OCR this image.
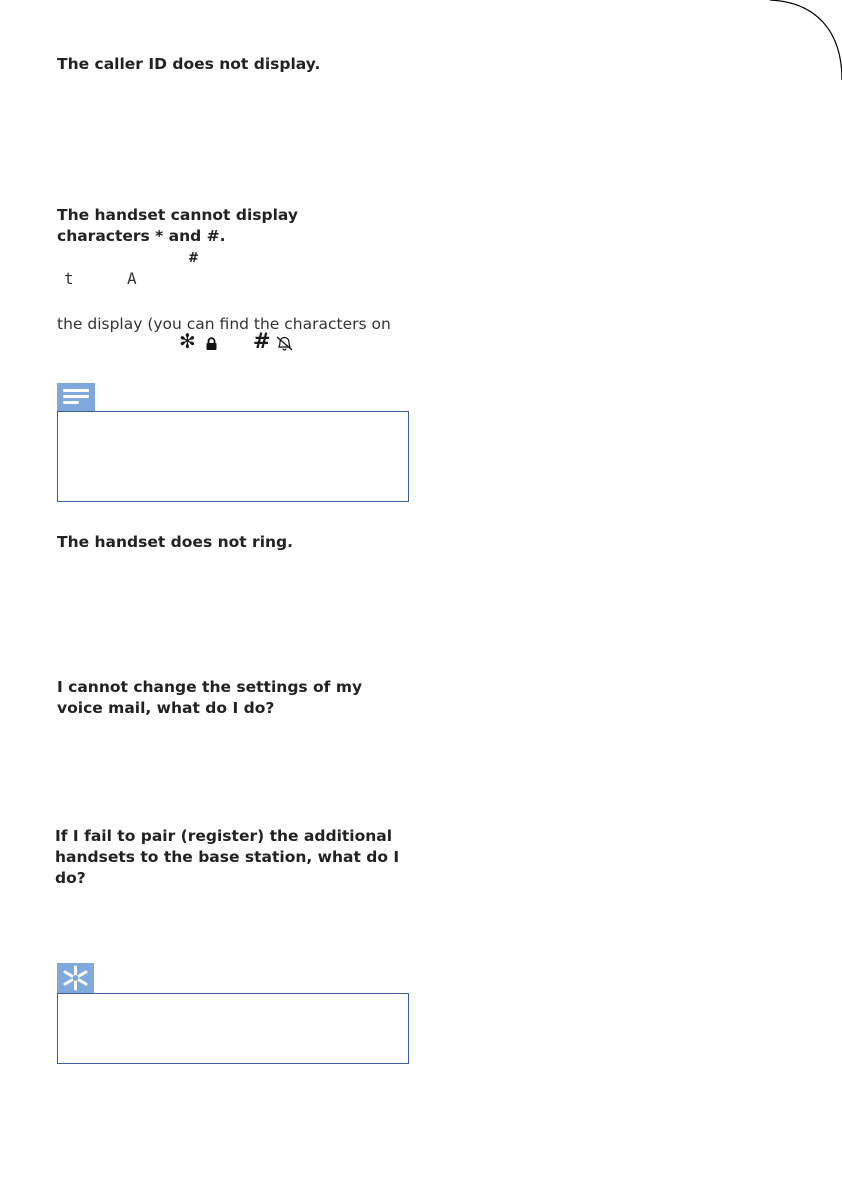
The caller ID does not display.
The handset cannot display characters * and #.
#
t	A

the display (you can find the characters on

✻	#
The handset does not ring.
I cannot change the settings of my voice mail, what do I do?
If I fail to pair (register) the additional handsets to the base station, what do I do?
